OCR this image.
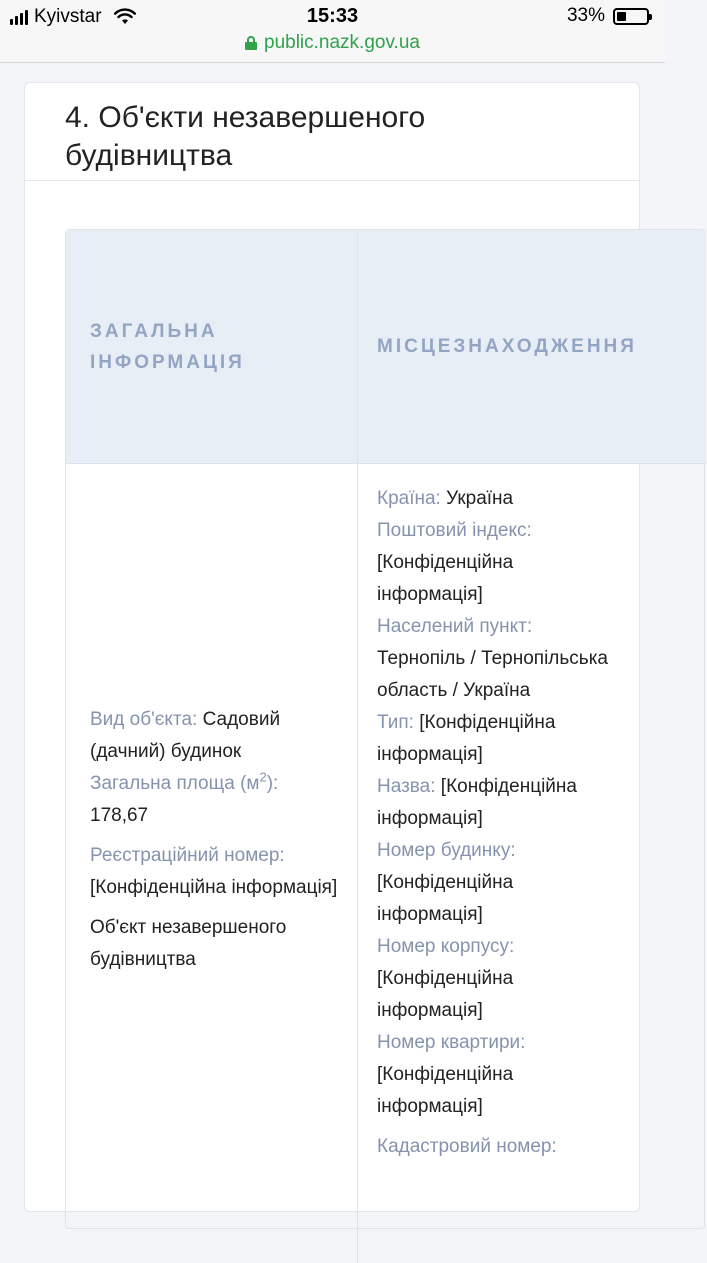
Kyivstar	15:33	33%
public.nazk.gov.ua
4. Об'єкти незавершеного будівництва
ЗАГАЛЬНА ІНФОРМАЦІЯ
МІСЦЕЗНАХОДЖЕННЯ

Вид об'єкта: Садовий (дачний) будинок

Загальна площа $(м^2)$:
178,67

Реєстраційний номер:
[Конфіденційна інформація]

Об'єкт незавершеного будівництва

Країна: Україна

Поштовий індекс:
[Конфіденційна інформація]

Населений пункт:
Тернопіль / Тернопільська область / Україна

Тип: [Конфіденційна інформація]

Назва: [Конфіденційна інформація]

Номер будинку:
[Конфіденційна інформація]

Номер корпусу:
[Конфіденційна інформація]

Номер квартири:
[Конфіденційна інформація]

Кадастровий номер:
